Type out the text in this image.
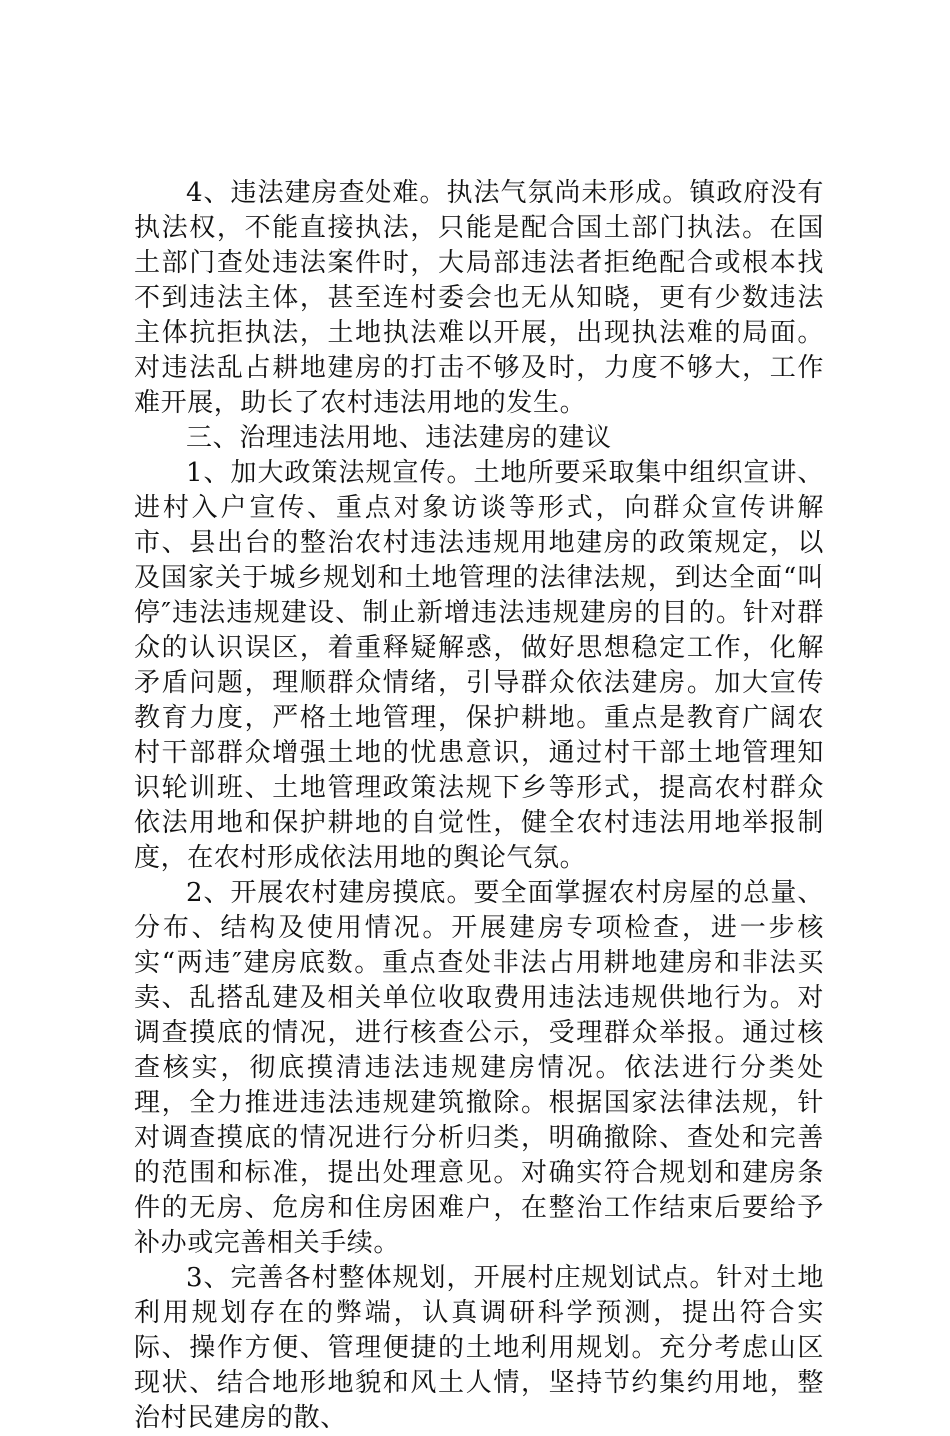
4、违法建房查处难。执法气氛尚未形成。镇政府没有执法权，不能直接执法，只能是配合国土部门执法。在国土部门查处违法案件时，大局部违法者拒绝配合或根本找不到违法主体，甚至连村委会也无从知晓，更有少数违法主体抗拒执法，土地执法难以开展，出现执法难的局面。对违法乱占耕地建房的打击不够及时，力度不够大，工作难开展，助长了农村违法用地的发生。

三、治理违法用地、违法建房的建议

1、加大政策法规宣传。土地所要采取集中组织宣讲、进村入户宣传、重点对象访谈等形式，向群众宣传讲解市、县出台的整治农村违法违规用地建房的政策规定，以及国家关于城乡规划和土地管理的法律法规，到达全面“叫停″违法违规建设、制止新增违法违规建房的目的。针对群众的认识误区，着重释疑解惑，做好思想稳定工作，化解矛盾问题，理顺群众情绪，引导群众依法建房。加大宣传教育力度，严格土地管理，保护耕地。重点是教育广阔农村干部群众增强土地的忧患意识，通过村干部土地管理知识轮训班、土地管理政策法规下乡等形式，提高农村群众依法用地和保护耕地的自觉性，健全农村违法用地举报制度，在农村形成依法用地的舆论气氛。

2、开展农村建房摸底。要全面掌握农村房屋的总量、分布、结构及使用情况。开展建房专项检查，进一步核实“两违″建房底数。重点查处非法占用耕地建房和非法买卖、乱搭乱建及相关单位收取费用违法违规供地行为。对调查摸底的情况，进行核查公示，受理群众举报。通过核查核实，彻底摸清违法违规建房情况。依法进行分类处理，全力推进违法违规建筑撤除。根据国家法律法规，针对调查摸底的情况进行分析归类，明确撤除、查处和完善的范围和标准，提出处理意见。对确实符合规划和建房条件的无房、危房和住房困难户，在整治工作结束后要给予补办或完善相关手续。

3、完善各村整体规划，开展村庄规划试点。针对土地利用规划存在的弊端，认真调研科学预测，提出符合实际、操作方便、管理便捷的土地利用规划。充分考虑山区现状、结合地形地貌和风土人情，坚持节约集约用地，整治村民建房的散、
